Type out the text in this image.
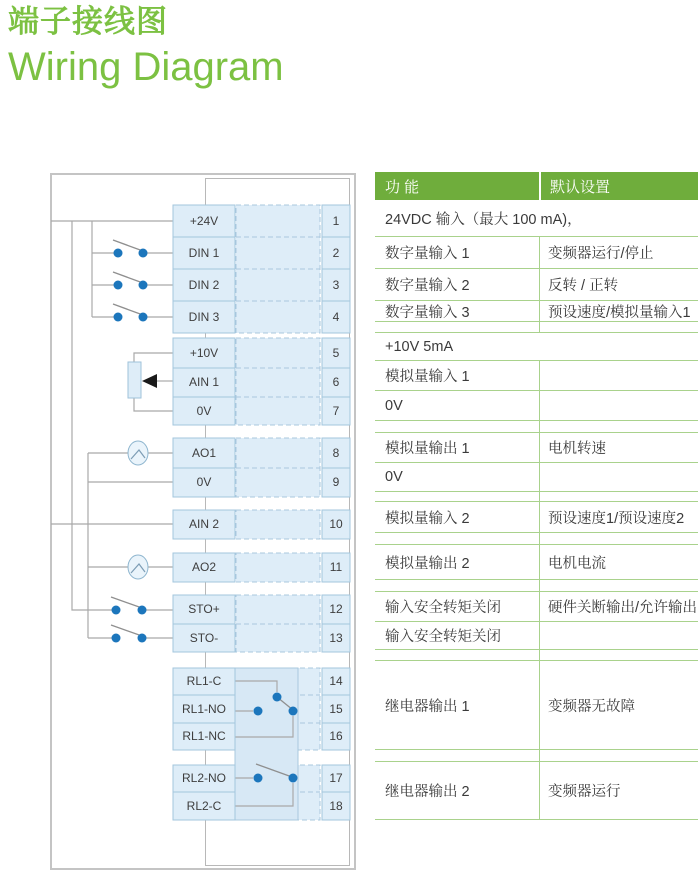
端子接线图
Wiring Diagram
+24V	1
DIN 1	2
DIN 2	3
DIN 3	4
+10V	5
AIN 1	6
0V	7
AO1	8
0V	9
AIN 2	10
AO2	11
STO+	12
STO-	13
RL1-C	14
RL1-NO	15
RL1-NC	16
RL2-NO	17
RL2-C	18
功 能	默认设置
24VDC 输入（最大 100 mA)，
数字量输入 1	变频器运行/停止
数字量输入 2	反转 / 正转
数字量输入 3	预设速度/模拟量输入1
+10V 5mA
模拟量输入 1
0V
模拟量输出 1	电机转速
0V
模拟量输入 2	预设速度1/预设速度2
模拟量输出 2	电机电流
输入安全转矩关闭	硬件关断输出/允许输出
输入安全转矩关闭
继电器输出 1	变频器无故障
继电器输出 2	变频器运行
